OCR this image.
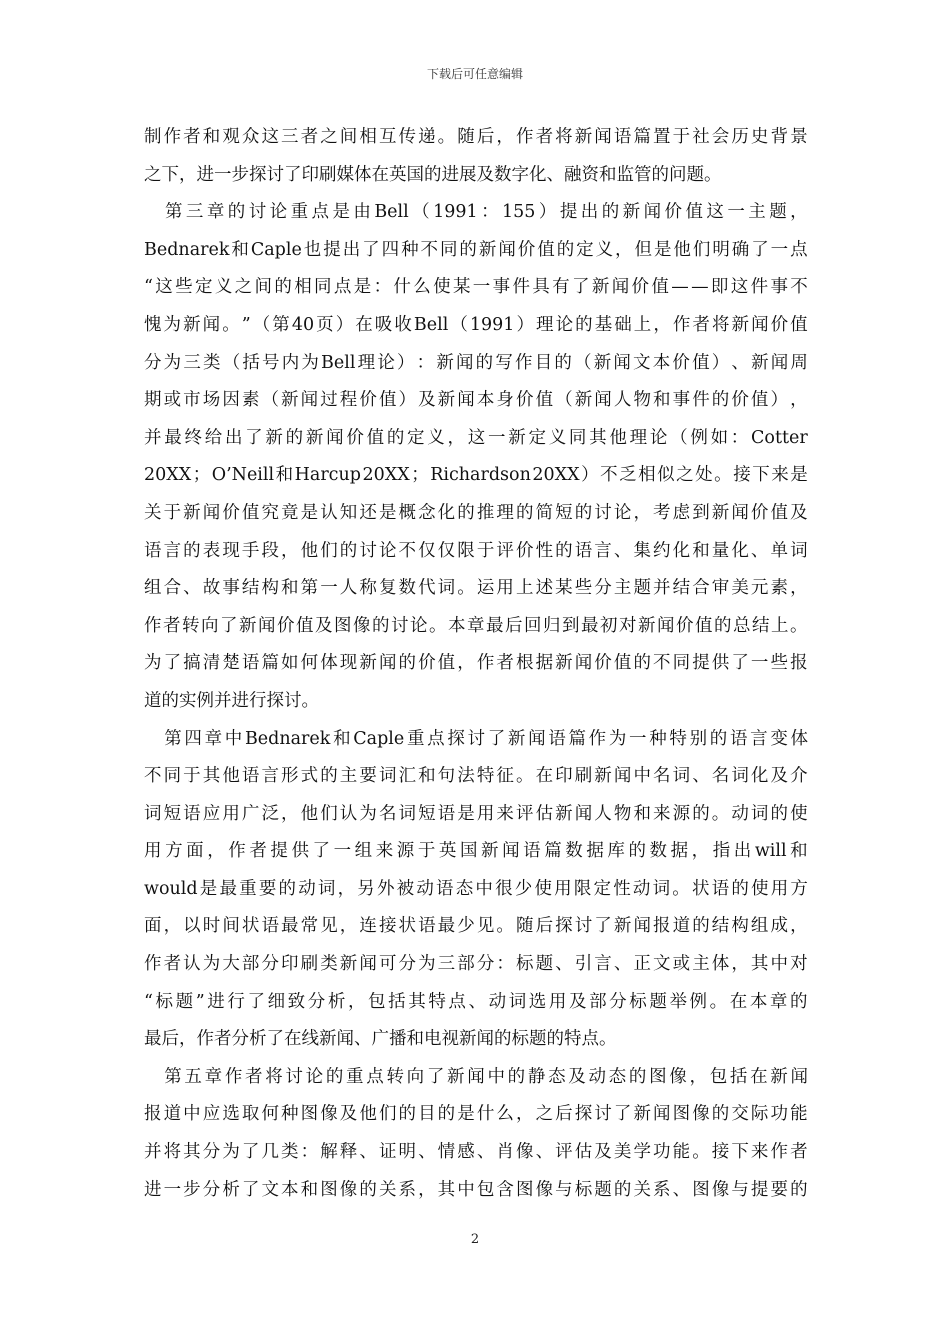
下载后可任意编辑
制 作 者 和 观 众 这 三 者 之 间 相 互 传 递 。 随 后 ， 作 者 将 新 闻 语 篇 置 于 社 会 历 史 背 景
之下，进一步探讨了印刷媒体在英国的进展及数字化、融资和监管的问题。

第 三 章 的 讨 论 重 点 是 由 Bell （ 1991 ： 155 ） 提 出 的 新 闻 价 值 这 一 主 题 ，
Bednarek 和 Caple 也 提 出 了 四 种 不 同 的 新 闻 价 值 的 定 义 ， 但 是 他 们 明 确 了 一 点
“ 这 些 定 义 之 间 的 相 同 点 是 ： 什 么 使 某 一 事 件 具 有 了 新 闻 价 值 — — 即 这 件 事 不
愧 为 新 闻 。 ” （ 第 40 页 ） 在 吸 收 Bell （ 1991 ） 理 论 的 基 础 上 ， 作 者 将 新 闻 价 值
分 为 三 类 （ 括 号 内 为 Bell 理 论 ） ： 新 闻 的 写 作 目 的 （ 新 闻 文 本 价 值 ） 、 新 闻 周
期 或 市 场 因 素 （ 新 闻 过 程 价 值 ） 及 新 闻 本 身 价 值 （ 新 闻 人 物 和 事 件 的 价 值 ） ，
并 最 终 给 出 了 新 的 新 闻 价 值 的 定 义 ， 这 一 新 定 义 同 其 他 理 论 （ 例 如 ： Cotter
20XX ； O’Neill 和 Harcup 20XX ； Richardson 20XX ） 不 乏 相 似 之 处 。 接 下 来 是
关 于 新 闻 价 值 究 竟 是 认 知 还 是 概 念 化 的 推 理 的 简 短 的 讨 论 ， 考 虑 到 新 闻 价 值 及
语 言 的 表 现 手 段 ， 他 们 的 讨 论 不 仅 仅 限 于 评 价 性 的 语 言 、 集 约 化 和 量 化 、 单 词
组 合 、 故 事 结 构 和 第 一 人 称 复 数 代 词 。 运 用 上 述 某 些 分 主 题 并 结 合 审 美 元 素 ，
作 者 转 向 了 新 闻 价 值 及 图 像 的 讨 论 。 本 章 最 后 回 归 到 最 初 对 新 闻 价 值 的 总 结 上 。
为 了 搞 清 楚 语 篇 如 何 体 现 新 闻 的 价 值 ， 作 者 根 据 新 闻 价 值 的 不 同 提 供 了 一 些 报
道的实例并进行探讨。

第 四 章 中 Bednarek 和 Caple 重 点 探 讨 了 新 闻 语 篇 作 为 一 种 特 别 的 语 言 变 体
不 同 于 其 他 语 言 形 式 的 主 要 词 汇 和 句 法 特 征 。 在 印 刷 新 闻 中 名 词 、 名 词 化 及 介
词 短 语 应 用 广 泛 ， 他 们 认 为 名 词 短 语 是 用 来 评 估 新 闻 人 物 和 来 源 的 。 动 词 的 使
用 方 面 ， 作 者 提 供 了 一 组 来 源 于 英 国 新 闻 语 篇 数 据 库 的 数 据 ， 指 出 will 和
would 是 最 重 要 的 动 词 ， 另 外 被 动 语 态 中 很 少 使 用 限 定 性 动 词 。 状 语 的 使 用 方
面 ， 以 时 间 状 语 最 常 见 ， 连 接 状 语 最 少 见 。 随 后 探 讨 了 新 闻 报 道 的 结 构 组 成 ，
作 者 认 为 大 部 分 印 刷 类 新 闻 可 分 为 三 部 分 ： 标 题 、 引 言 、 正 文 或 主 体 ， 其 中 对
“ 标 题 ” 进 行 了 细 致 分 析 ， 包 括 其 特 点 、 动 词 选 用 及 部 分 标 题 举 例 。 在 本 章 的
最后，作者分析了在线新闻、广播和电视新闻的标题的特点。

第 五 章 作 者 将 讨 论 的 重 点 转 向 了 新 闻 中 的 静 态 及 动 态 的 图 像 ， 包 括 在 新 闻
报 道 中 应 选 取 何 种 图 像 及 他 们 的 目 的 是 什 么 ， 之 后 探 讨 了 新 闻 图 像 的 交 际 功 能
并 将 其 分 为 了 几 类 ： 解 释 、 证 明 、 情 感 、 肖 像 、 评 估 及 美 学 功 能 。 接 下 来 作 者
进 一 步 分 析 了 文 本 和 图 像 的 关 系 ， 其 中 包 含 图 像 与 标 题 的 关 系 、 图 像 与 提 要 的
2
